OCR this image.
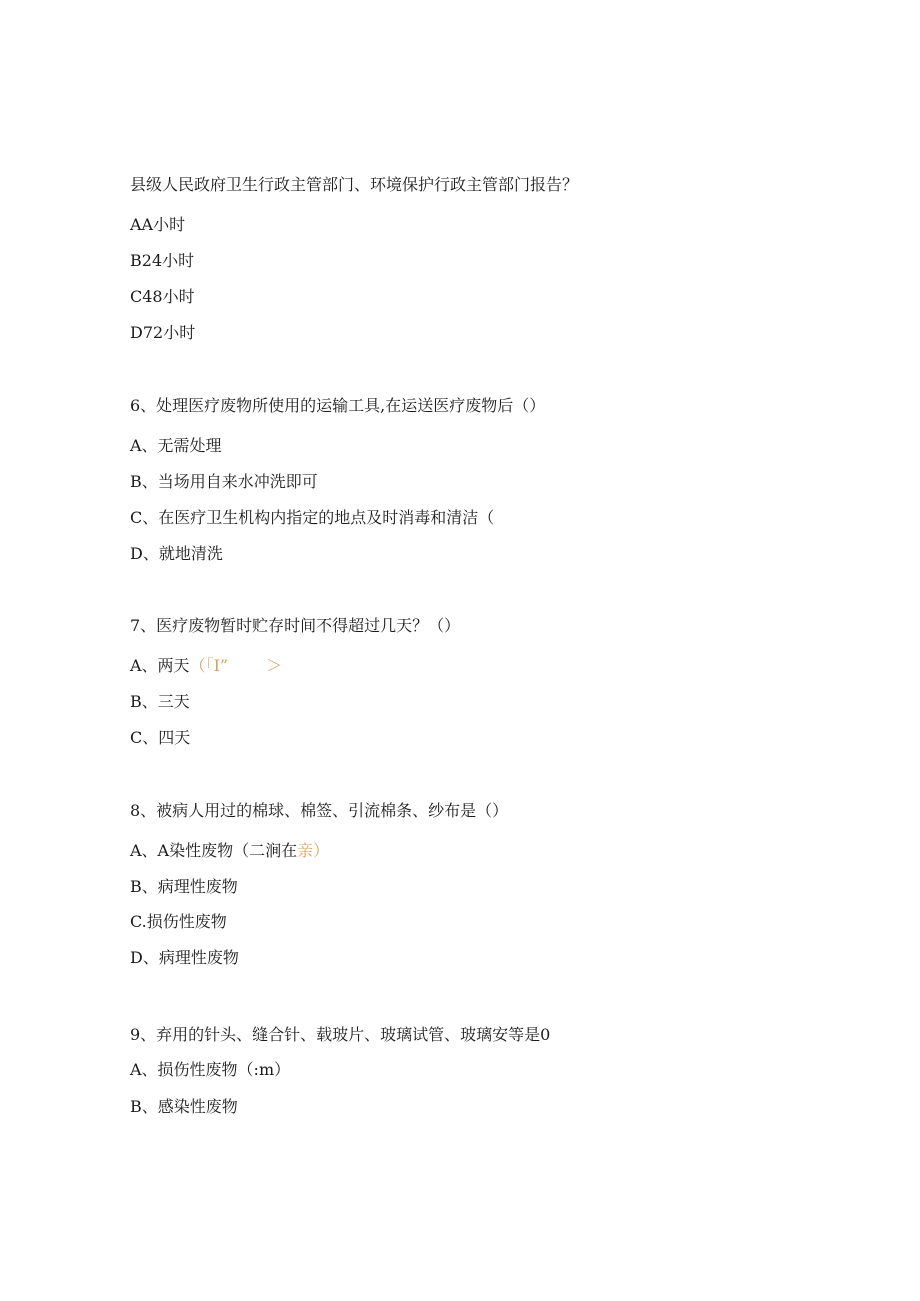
县级人民政府卫生行政主管部门、环境保护行政主管部门报告？
AA小时
B24小时
C48小时
D72小时
6、处理医疗废物所使用的运输工具,在运送医疗废物后（）
A、无需处理
B、当场用自来水冲洗即可
C、在医疗卫生机构内指定的地点及时消毒和清洁（
D、就地清洗
7、医疗废物暂时贮存时间不得超过几天？（）
A、两天（「I” ＞
B、三天
C、四天
8、被病人用过的棉球、棉签、引流棉条、纱布是（）
A、A染性废物（二涧在亲）
B、病理性废物
C.损伤性废物
D、病理性废物
9、弃用的针头、缝合针、载玻片、玻璃试管、玻璃安等是0
A、损伤性废物（:m）
B、感染性废物
